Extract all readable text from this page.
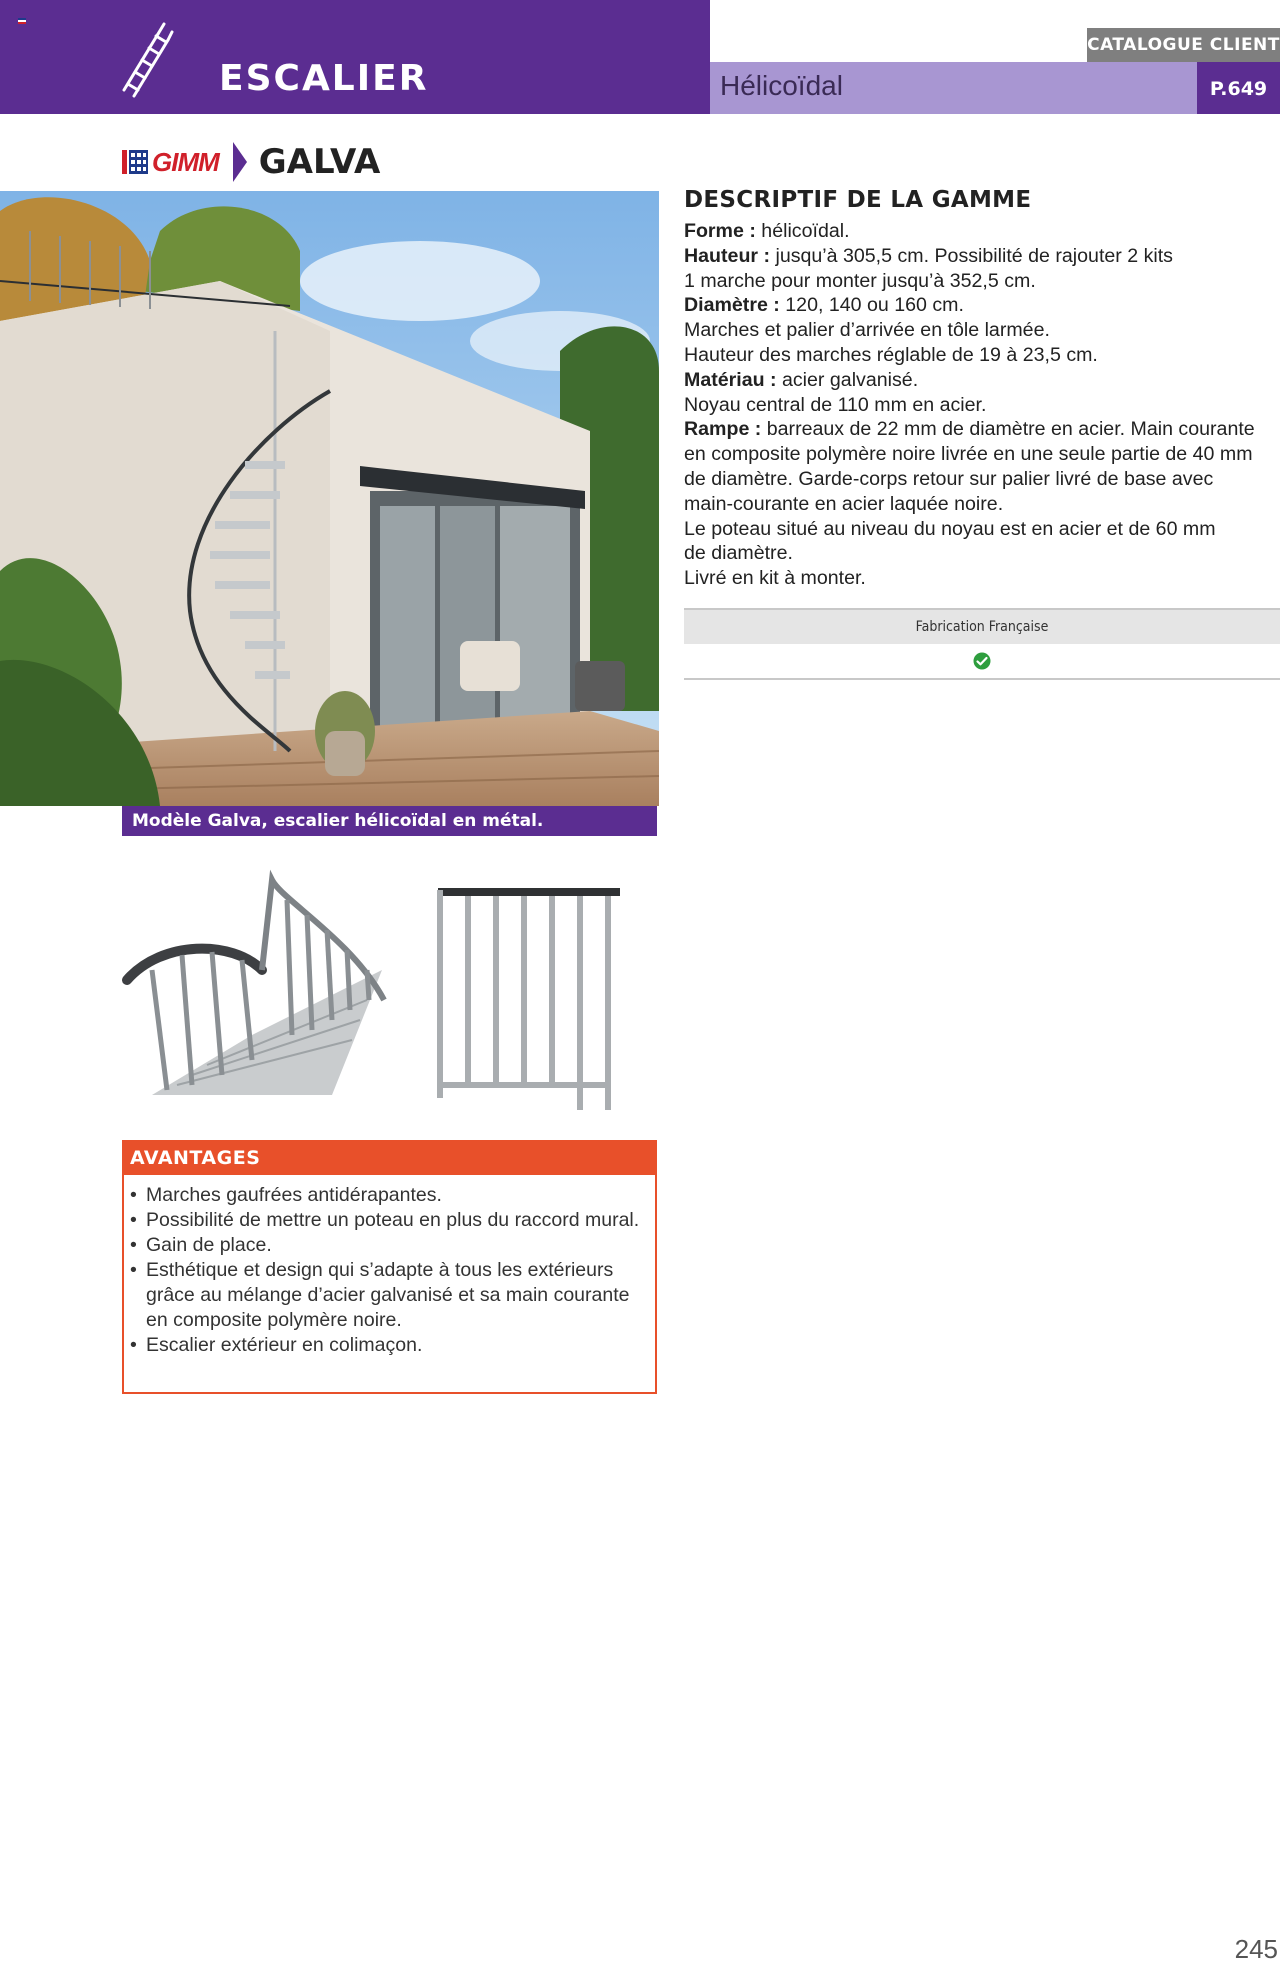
ESCALIER	Hélicoïdal
CATALOGUE CLIENT
P.649
GIMM GALVA
Modèle Galva, escalier hélicoïdal en métal.
AVANTAGES
• Marches gaufrées antidérapantes.
• Possibilité de mettre un poteau en plus du raccord mural.
• Gain de place.
• Esthétique et design qui s’adapte à tous les extérieurs grâce au mélange d’acier galvanisé et sa main courante en composite polymère noire.
• Escalier extérieur en colimaçon.
DESCRIPTIF DE LA GAMME
Forme : hélicoïdal.
Hauteur : jusqu’à 305,5 cm. Possibilité de rajouter 2 kits
1 marche pour monter jusqu’à 352,5 cm.
Diamètre : 120, 140 ou 160 cm.
Marches et palier d’arrivée en tôle larmée.
Hauteur des marches réglable de 19 à 23,5 cm.
Matériau : acier galvanisé.
Noyau central de 110 mm en acier.
Rampe : barreaux de 22 mm de diamètre en acier. Main courante
en composite polymère noire livrée en une seule partie de 40 mm
de diamètre. Garde-corps retour sur palier livré de base avec
main-courante en acier laquée noire.
Le poteau situé au niveau du noyau est en acier et de 60 mm
de diamètre.
Livré en kit à monter.
Fabrication Française
245
